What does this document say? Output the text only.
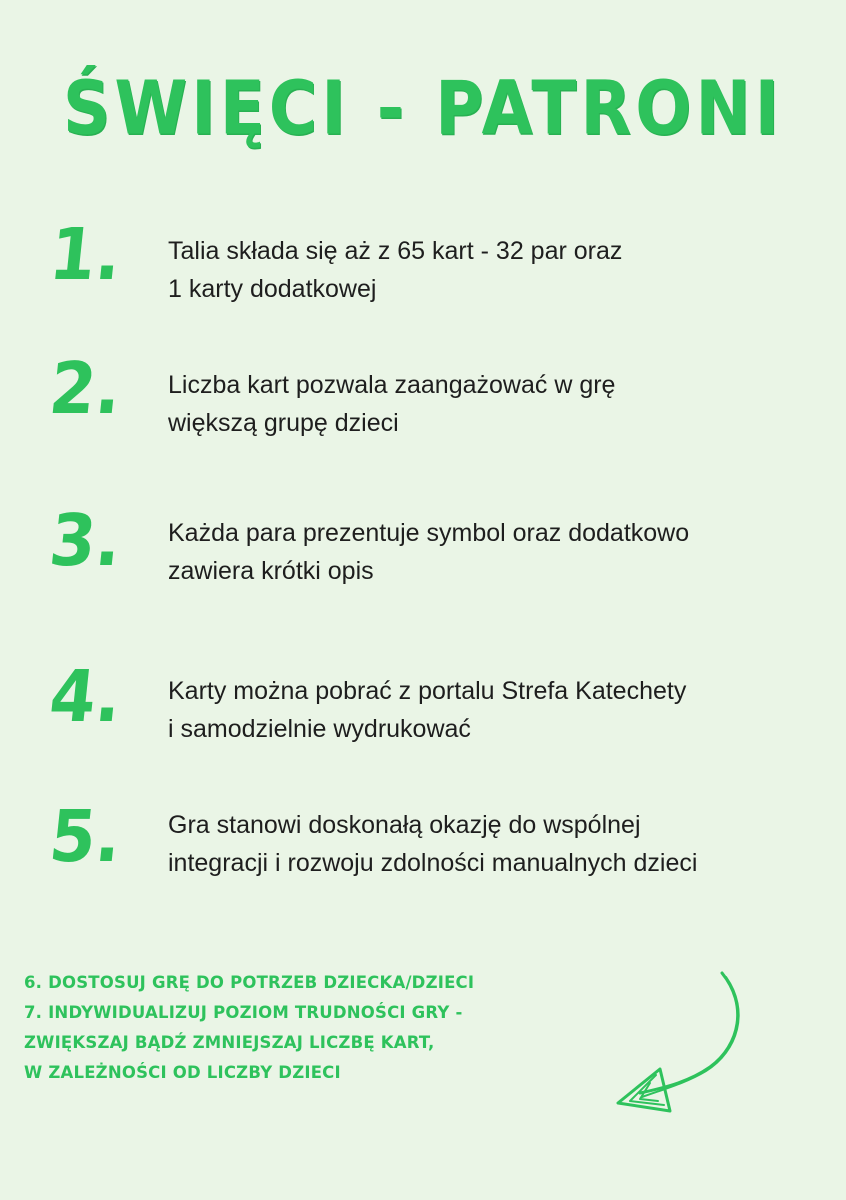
ŚWIĘCI - PATRONI
1.	Talia składa się aż z 65 kart - 32 par oraz
1 karty dodatkowej
2.	Liczba kart pozwala zaangażować w grę
większą grupę dzieci
3.	Każda para prezentuje symbol oraz dodatkowo
zawiera krótki opis
4.	Karty można pobrać z portalu Strefa Katechety
i samodzielnie wydrukować
5.	Gra stanowi doskonałą okazję do wspólnej
integracji i rozwoju zdolności manualnych dzieci
6. DOSTOSUJ GRĘ DO POTRZEB DZIECKA/DZIECI
7. INDYWIDUALIZUJ POZIOM TRUDNOŚCI GRY -
ZWIĘKSZAJ BĄDŹ ZMNIEJSZAJ LICZBĘ KART,
W ZALEŻNOŚCI OD LICZBY DZIECI
